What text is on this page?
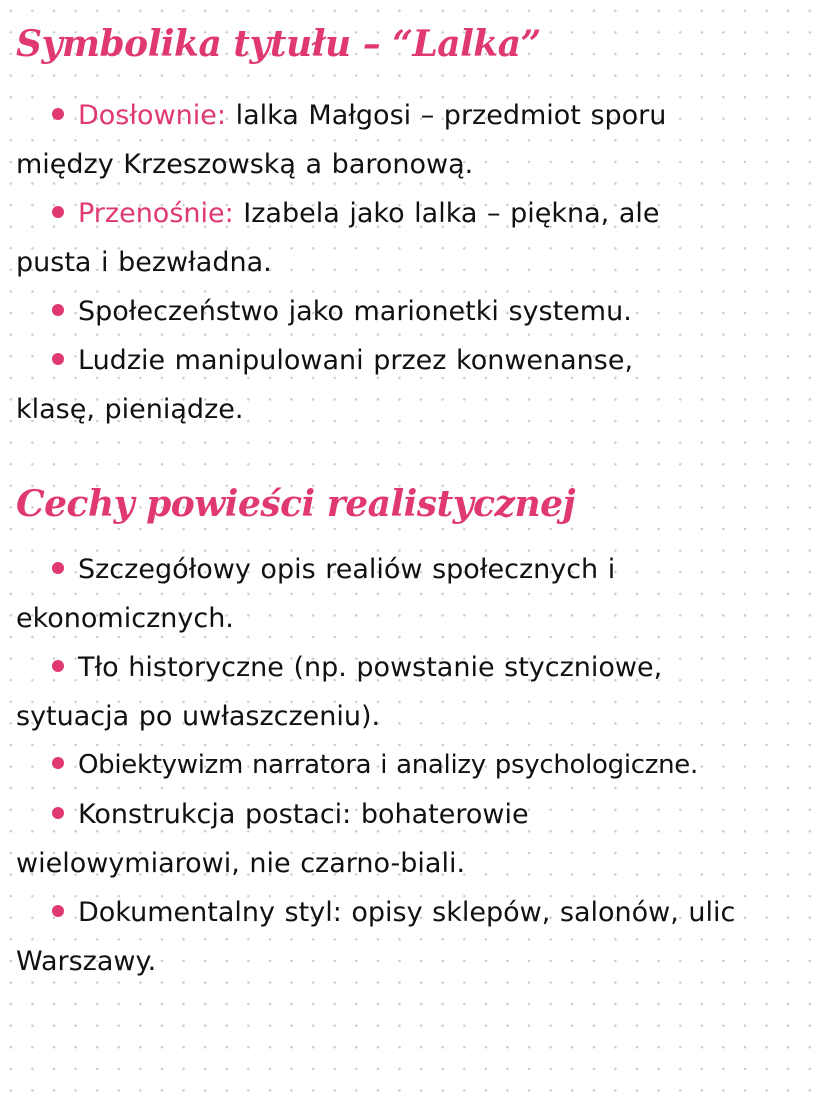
Symbolika tytułu – “Lalka”
Dosłownie: lalka Małgosi – przedmiot sporu między Krzeszowską a baronową.
Przenośnie: Izabela jako lalka – piękna, ale pusta i bezwładna.
Społeczeństwo jako marionetki systemu.
Ludzie manipulowani przez konwenanse, klasę, pieniądze.
Cechy powieści realistycznej
Szczegółowy opis realiów społecznych i ekonomicznych.
Tło historyczne (np. powstanie styczniowe, sytuacja po uwłaszczeniu).
Obiektywizm narratora i analizy psychologiczne.
Konstrukcja postaci: bohaterowie wielowymiarowi, nie czarno-biali.
Dokumentalny styl: opisy sklepów, salonów, ulic Warszawy.
